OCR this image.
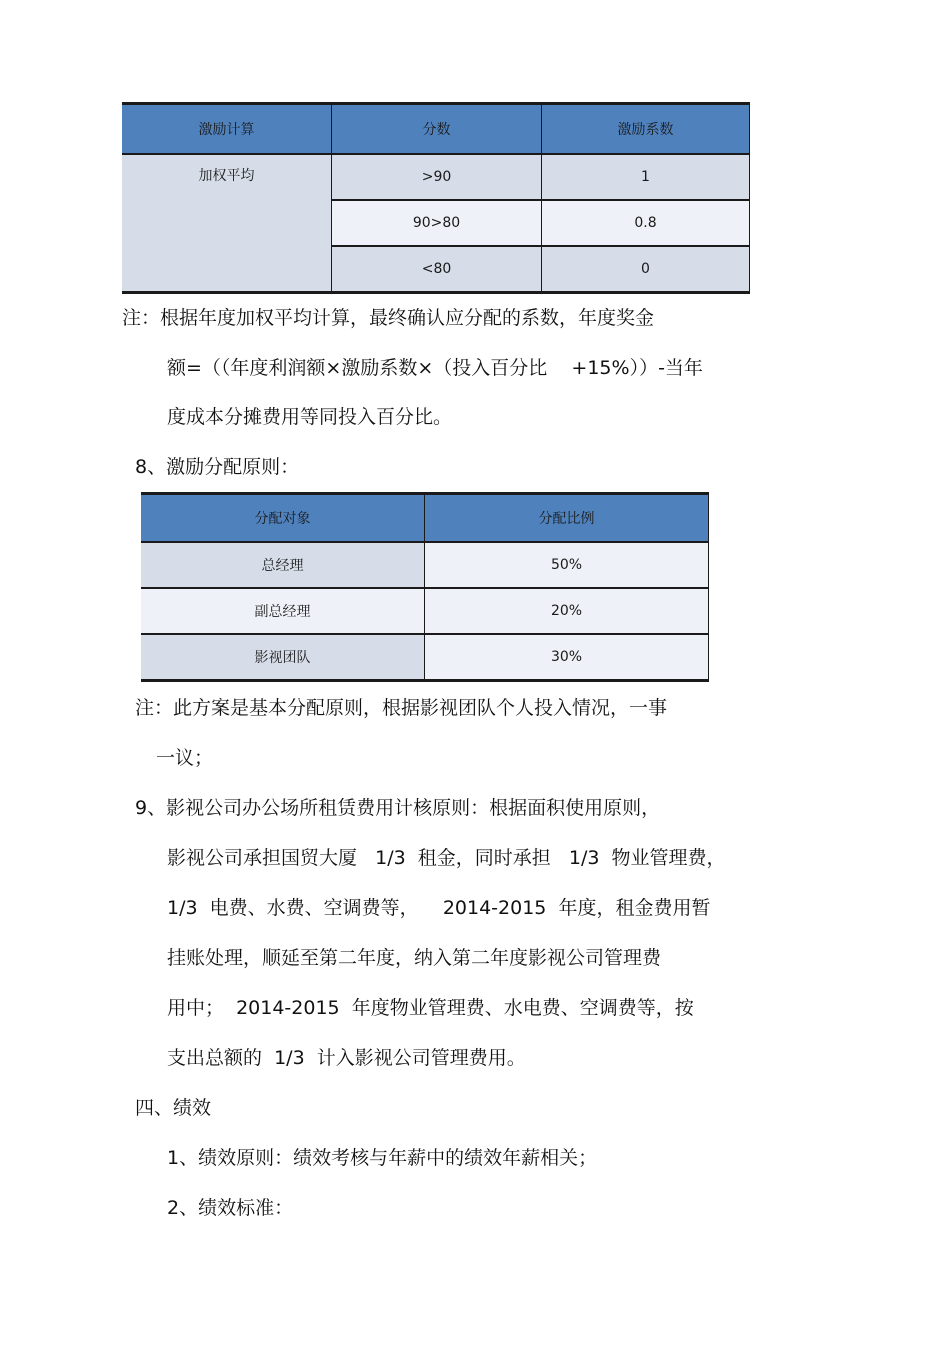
激励计算	分数	激励系数
加权平均	>90	1
	90>80	0.8
	<80	0
注：根据年度加权平均计算，最终确认应分配的系数，年度奖金
额=（（年度利润额×激励系数×（投入百分比    +15%））-当年
度成本分摊费用等同投入百分比。
8、激励分配原则：
分配对象	分配比例
总经理	50%
副总经理	20%
影视团队	30%
注：此方案是基本分配原则，根据影视团队个人投入情况，一事
一议；
9、影视公司办公场所租赁费用计核原则：根据面积使用原则，
影视公司承担国贸大厦   1/3  租金，同时承担   1/3  物业管理费，
1/3  电费、水费、空调费等，    2014-2015  年度，租金费用暂
挂账处理，顺延至第二年度，纳入第二年度影视公司管理费
用中；  2014-2015  年度物业管理费、水电费、空调费等，按
支出总额的  1/3  计入影视公司管理费用。
四、绩效
1、绩效原则：绩效考核与年薪中的绩效年薪相关；
2、绩效标准：
